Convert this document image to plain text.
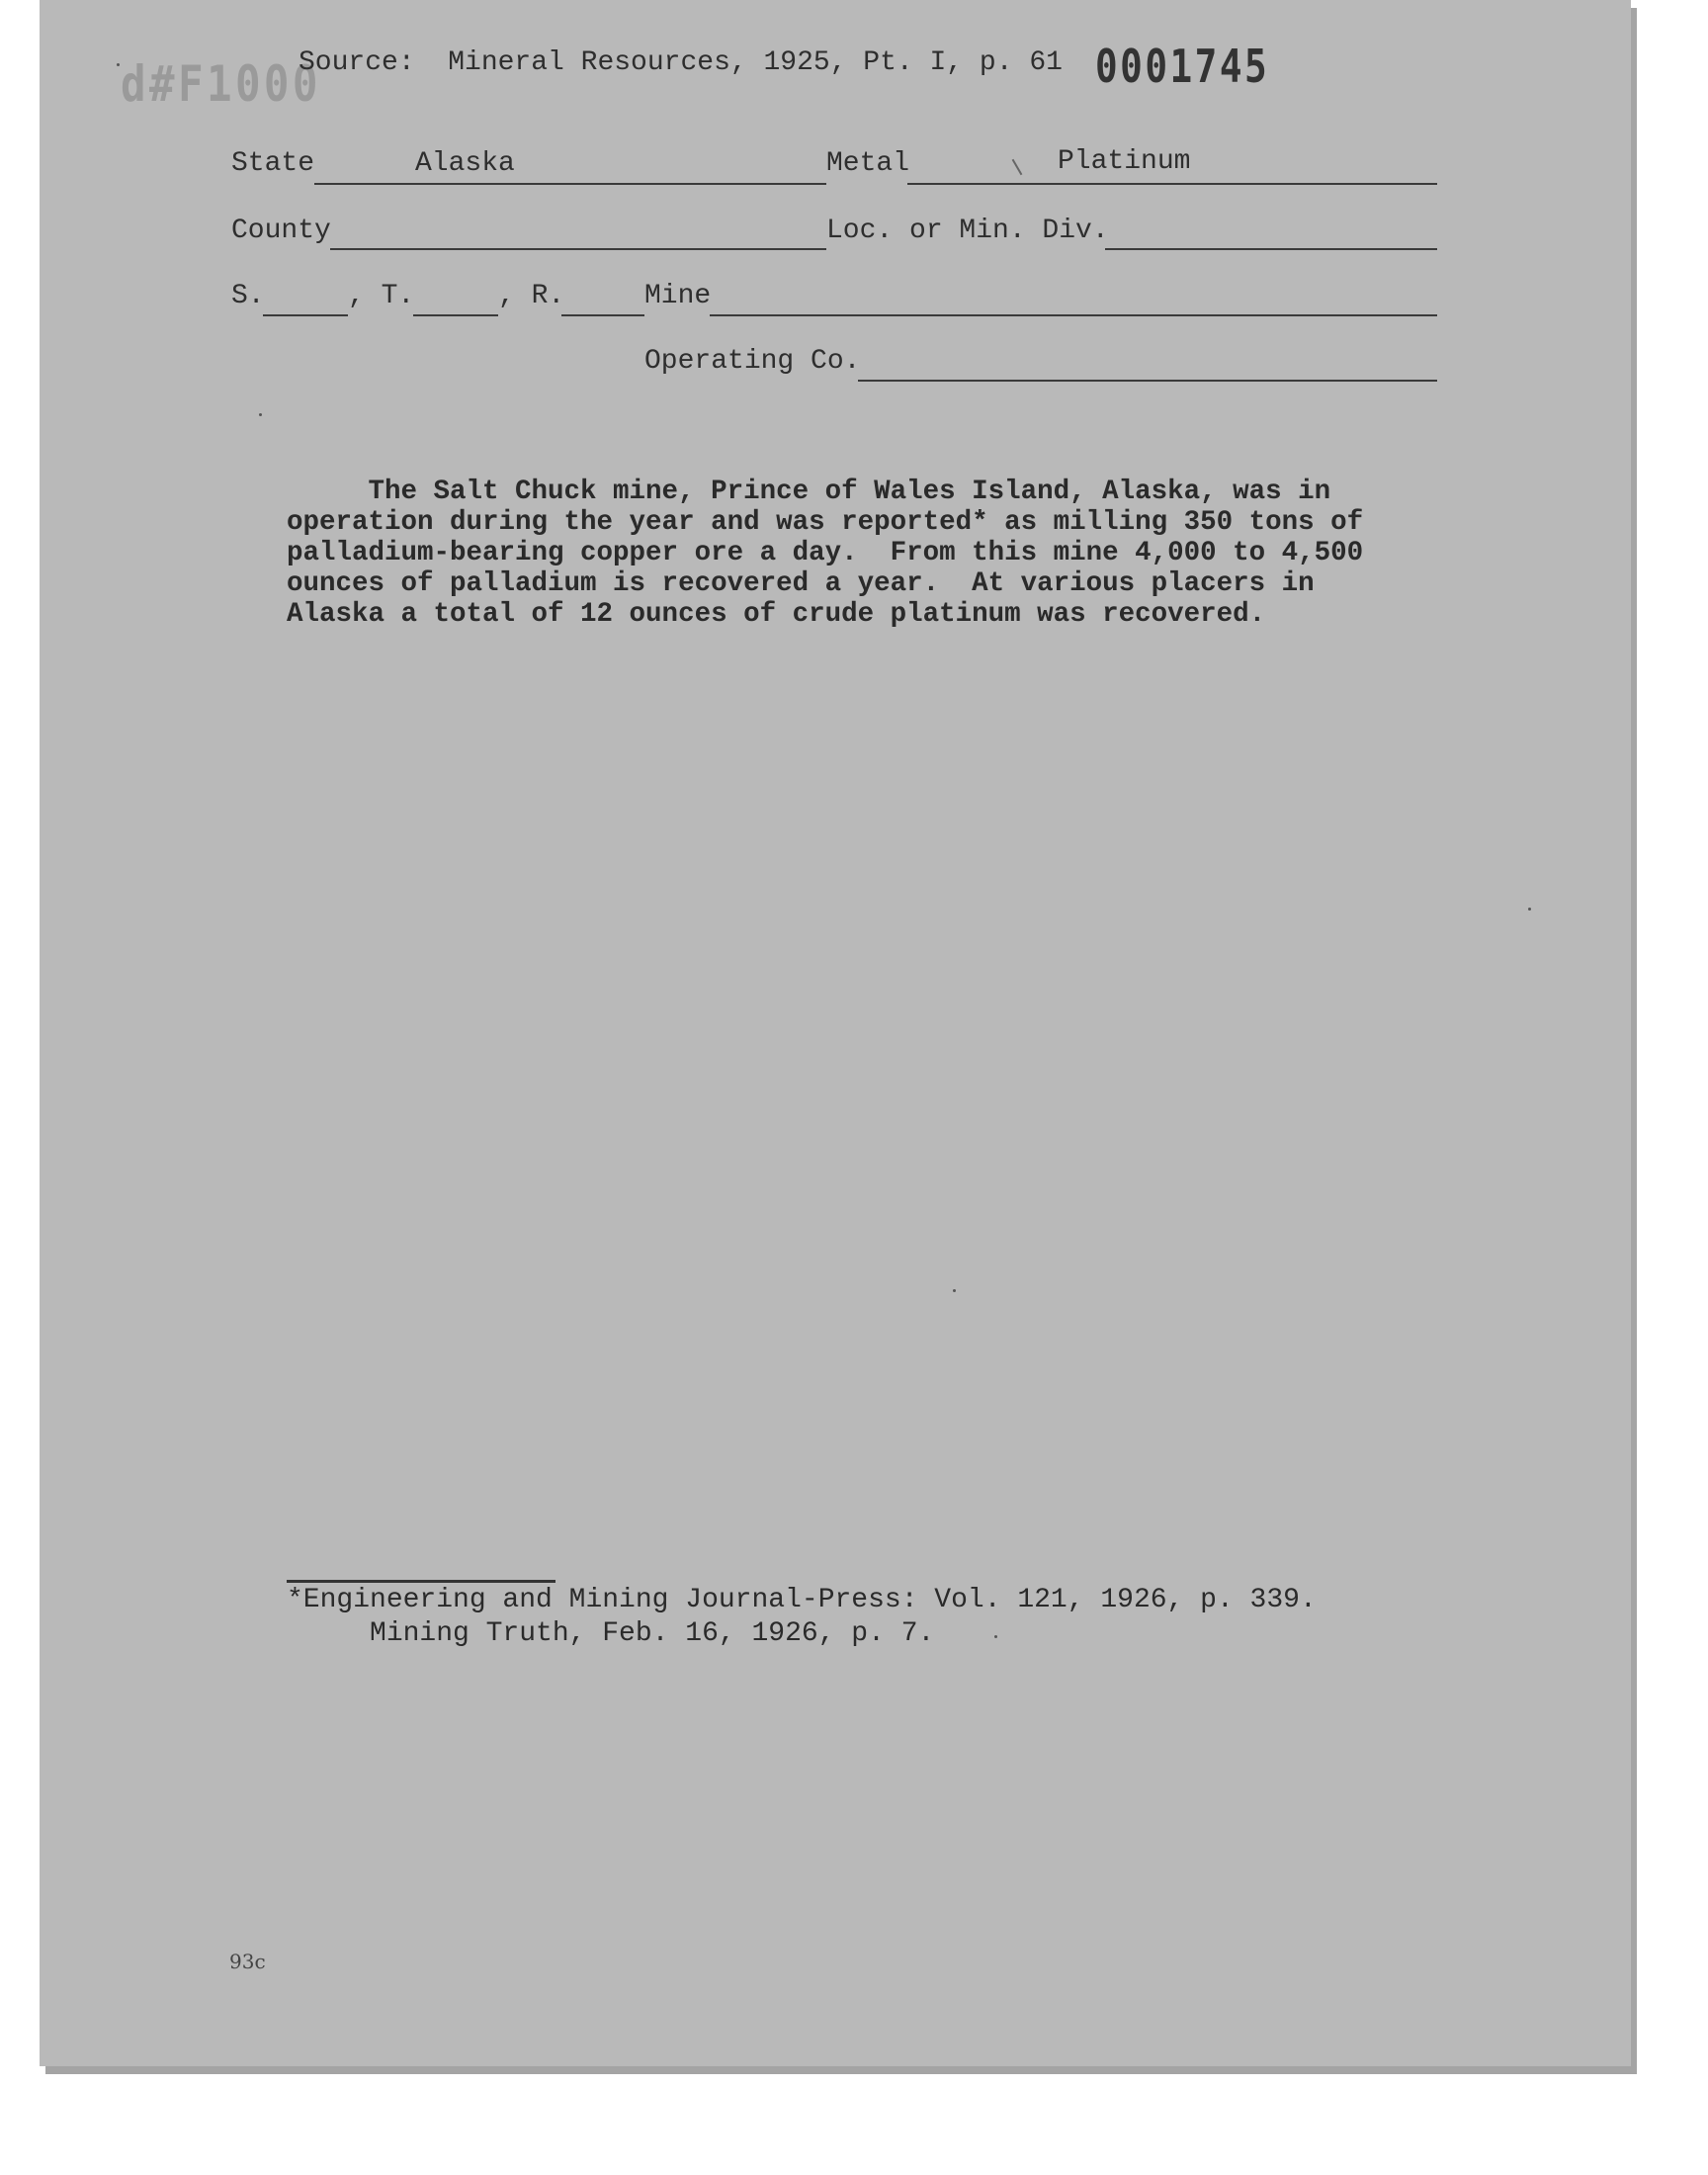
d#F1000
Source:  Mineral Resources, 1925, Pt. I, p. 61 0001745
State	Alaska	Metal	Platinum
County	Loc. or Min. Div.
S.	, T.	, R.	Mine
Operating Co.

The Salt Chuck mine, Prince of Wales Island, Alaska, was in

operation during the year and was reported* as milling 350 tons of

palladium-bearing copper ore a day.  From this mine 4,000 to 4,500

ounces of palladium is recovered a year.  At various placers in

Alaska a total of 12 ounces of crude platinum was recovered.

*Engineering and Mining Journal-Press: Vol. 121, 1926, p. 339.

Mining Truth, Feb. 16, 1926, p. 7.

93c
